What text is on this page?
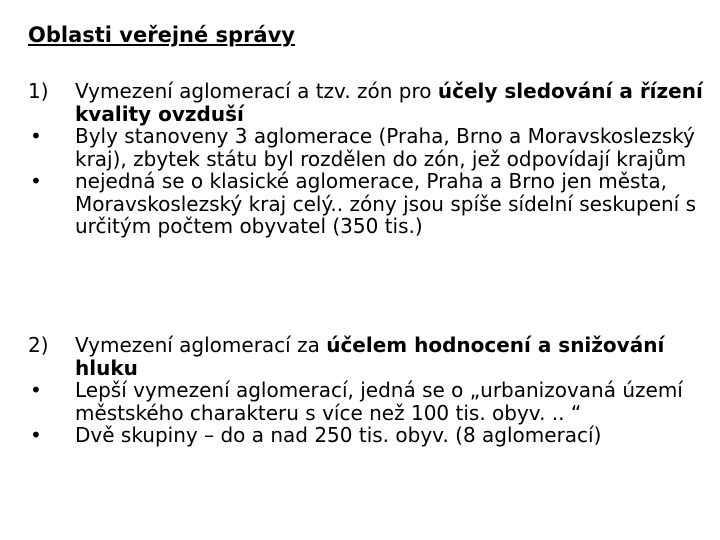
Oblasti veřejné správy
1) Vymezení aglomerací a tzv. zón pro účely sledování a řízení kvality ovzduší
• Byly stanoveny 3 aglomerace (Praha, Brno a Moravskoslezský kraj), zbytek státu byl rozdělen do zón, jež odpovídají krajům
• nejedná se o klasické aglomerace, Praha a Brno jen města, Moravskoslezský kraj celý.. zóny jsou spíše sídelní seskupení s určitým počtem obyvatel (350 tis.)
2) Vymezení aglomerací za účelem hodnocení a snižování hluku
• Lepší vymezení aglomerací, jedná se o „urbanizovaná území městského charakteru s více než 100 tis. obyv. .. “
• Dvě skupiny – do a nad 250 tis. obyv. (8 aglomerací)
